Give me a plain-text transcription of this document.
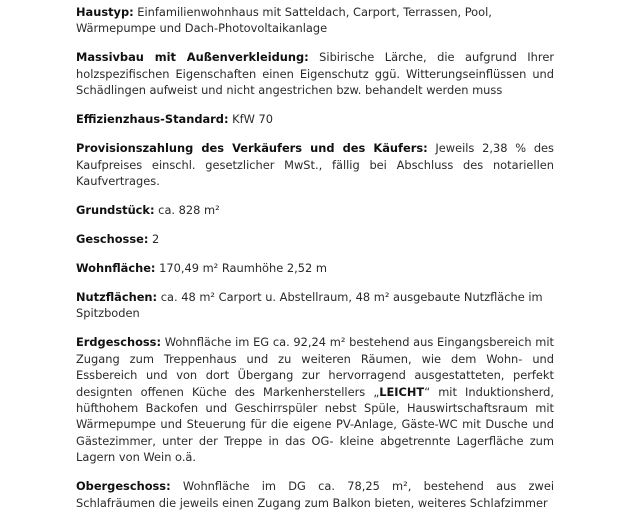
Haustyp: Einfamilienwohnhaus mit Satteldach, Carport, Terrassen, Pool, Wärmepumpe und Dach-Photovoltaikanlage

Massivbau mit Außenverkleidung: Sibirische Lärche, die aufgrund Ihrer holzspezifischen Eigenschaften einen Eigenschutz ggü. Witterungseinflüssen und Schädlingen aufweist und nicht angestrichen bzw. behandelt werden muss

Effizienzhaus-Standard: KfW 70

Provisionszahlung des Verkäufers und des Käufers: Jeweils 2,38 % des Kaufpreises einschl. gesetzlicher MwSt., fällig bei Abschluss des notariellen Kaufvertrages.

Grundstück: ca. 828 m²

Geschosse: 2

Wohnfläche: 170,49 m² Raumhöhe 2,52 m

Nutzflächen: ca. 48 m² Carport u. Abstellraum, 48 m² ausgebaute Nutzfläche im Spitzboden

Erdgeschoss: Wohnfläche im EG ca. 92,24 m² bestehend aus Eingangsbereich mit Zugang zum Treppenhaus und zu weiteren Räumen, wie dem Wohn- und Essbereich und von dort Übergang zur hervorragend ausgestatteten, perfekt designten offenen Küche des Markenherstellers „LEICHT“ mit Induktionsherd, hüfthohem Backofen und Geschirrspüler nebst Spüle, Hauswirtschaftsraum mit Wärmepumpe und Steuerung für die eigene PV-Anlage, Gäste-WC mit Dusche und Gästezimmer, unter der Treppe in das OG- kleine abgetrennte Lagerfläche zum Lagern von Wein o.ä.

Obergeschoss: Wohnfläche im DG ca. 78,25 m², bestehend aus zwei Schlafräumen die jeweils einen Zugang zum Balkon bieten, weiteres Schlafzimmer
